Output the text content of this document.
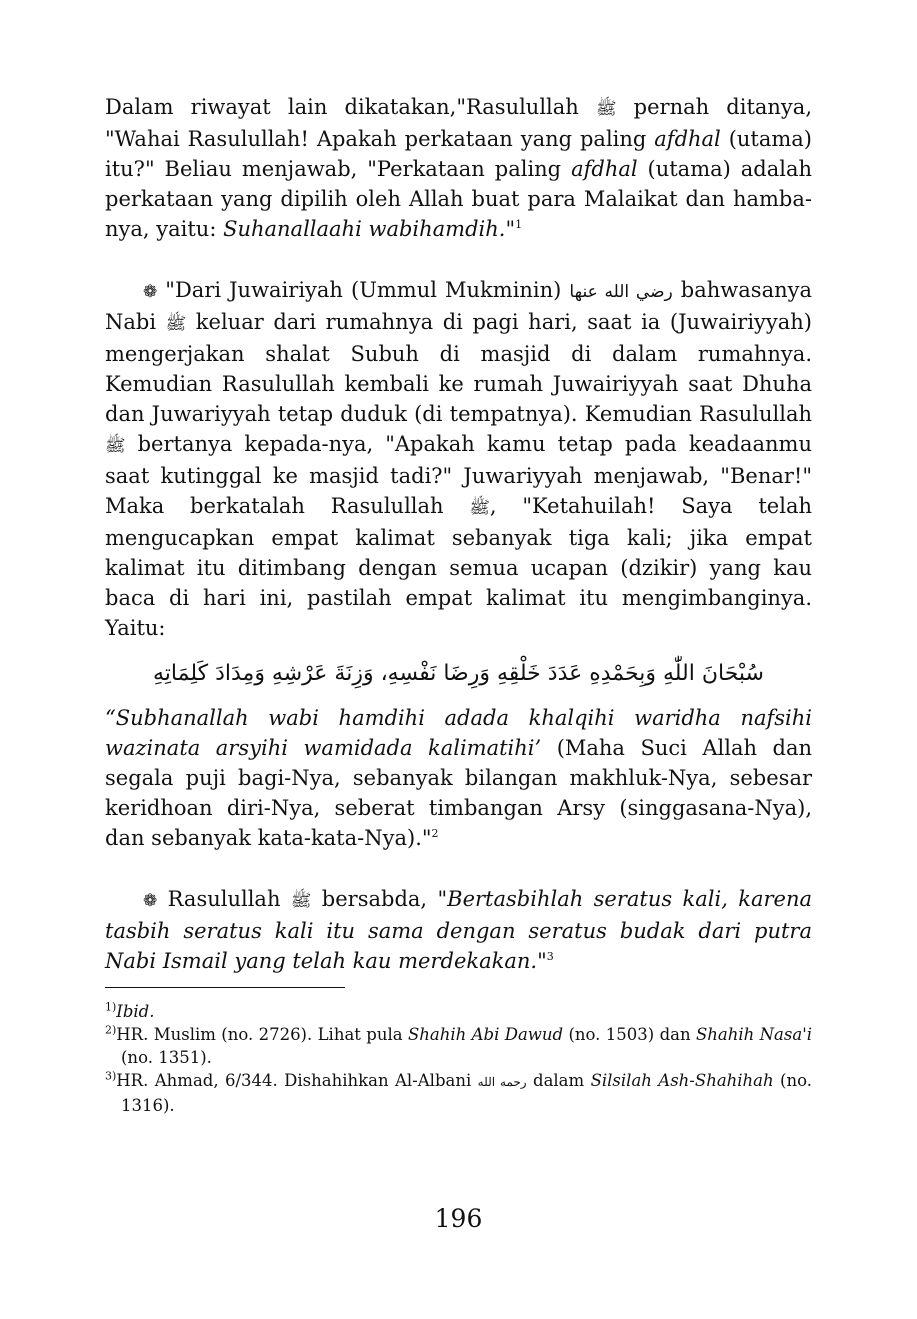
Dalam riwayat lain dikatakan,"Rasulullah ﷺ pernah ditanya, "Wahai Rasulullah! Apakah perkataan yang paling afdhal (utama) itu?" Beliau menjawab, "Perkataan paling afdhal (utama) adalah perkataan yang dipilih oleh Allah buat para Malaikat dan hamba-nya, yaitu: Suhanallaahi wabihamdih."$^1$

❁ "Dari Juwairiyah (Ummul Mukminin) رضي الله عنها bahwasanya Nabi ﷺ keluar dari rumahnya di pagi hari, saat ia (Juwairiyyah) mengerjakan shalat Subuh di masjid di dalam rumahnya. Kemudian Rasulullah kembali ke rumah Juwairiyyah saat Dhuha dan Juwariyyah tetap duduk (di tempatnya). Kemudian Rasulullah ﷺ bertanya kepada-nya, "Apakah kamu tetap pada keadaanmu saat kutinggal ke masjid tadi?" Juwariyyah menjawab, "Benar!" Maka berkatalah Rasulullah ﷺ, "Ketahuilah! Saya telah mengucapkan empat kalimat sebanyak tiga kali; jika empat kalimat itu ditimbang dengan semua ucapan (dzikir) yang kau baca di hari ini, pastilah empat kalimat itu mengimbanginya. Yaitu:

سُبْحَانَ اللّٰهِ وَبِحَمْدِهِ عَدَدَ خَلْقِهِ وَرِضَا نَفْسِهِ، وَزِنَةَ عَرْشِهِ وَمِدَادَ كَلِمَاتِهِ

“Subhanallah wabi hamdihi adada khalqihi waridha nafsihi wazinata arsyihi wamidada kalimatihi’ (Maha Suci Allah dan segala puji bagi-Nya, sebanyak bilangan makhluk-Nya, sebesar keridhoan diri-Nya, seberat timbangan Arsy (singgasana-Nya), dan sebanyak kata-kata-Nya)."$^2$

❁ Rasulullah ﷺ bersabda, "Bertasbihlah seratus kali, karena tasbih seratus kali itu sama dengan seratus budak dari putra Nabi Ismail yang telah kau merdekakan."$^3$

$^{1)}$Ibid.

$^{2)}$HR. Muslim (no. 2726). Lihat pula Shahih Abi Dawud (no. 1503) dan Shahih Nasa'i (no. 1351).

$^{3)}$HR. Ahmad, 6/344. Dishahihkan Al-Albani رحمه الله dalam Silsilah Ash-Shahihah (no. 1316).

196
